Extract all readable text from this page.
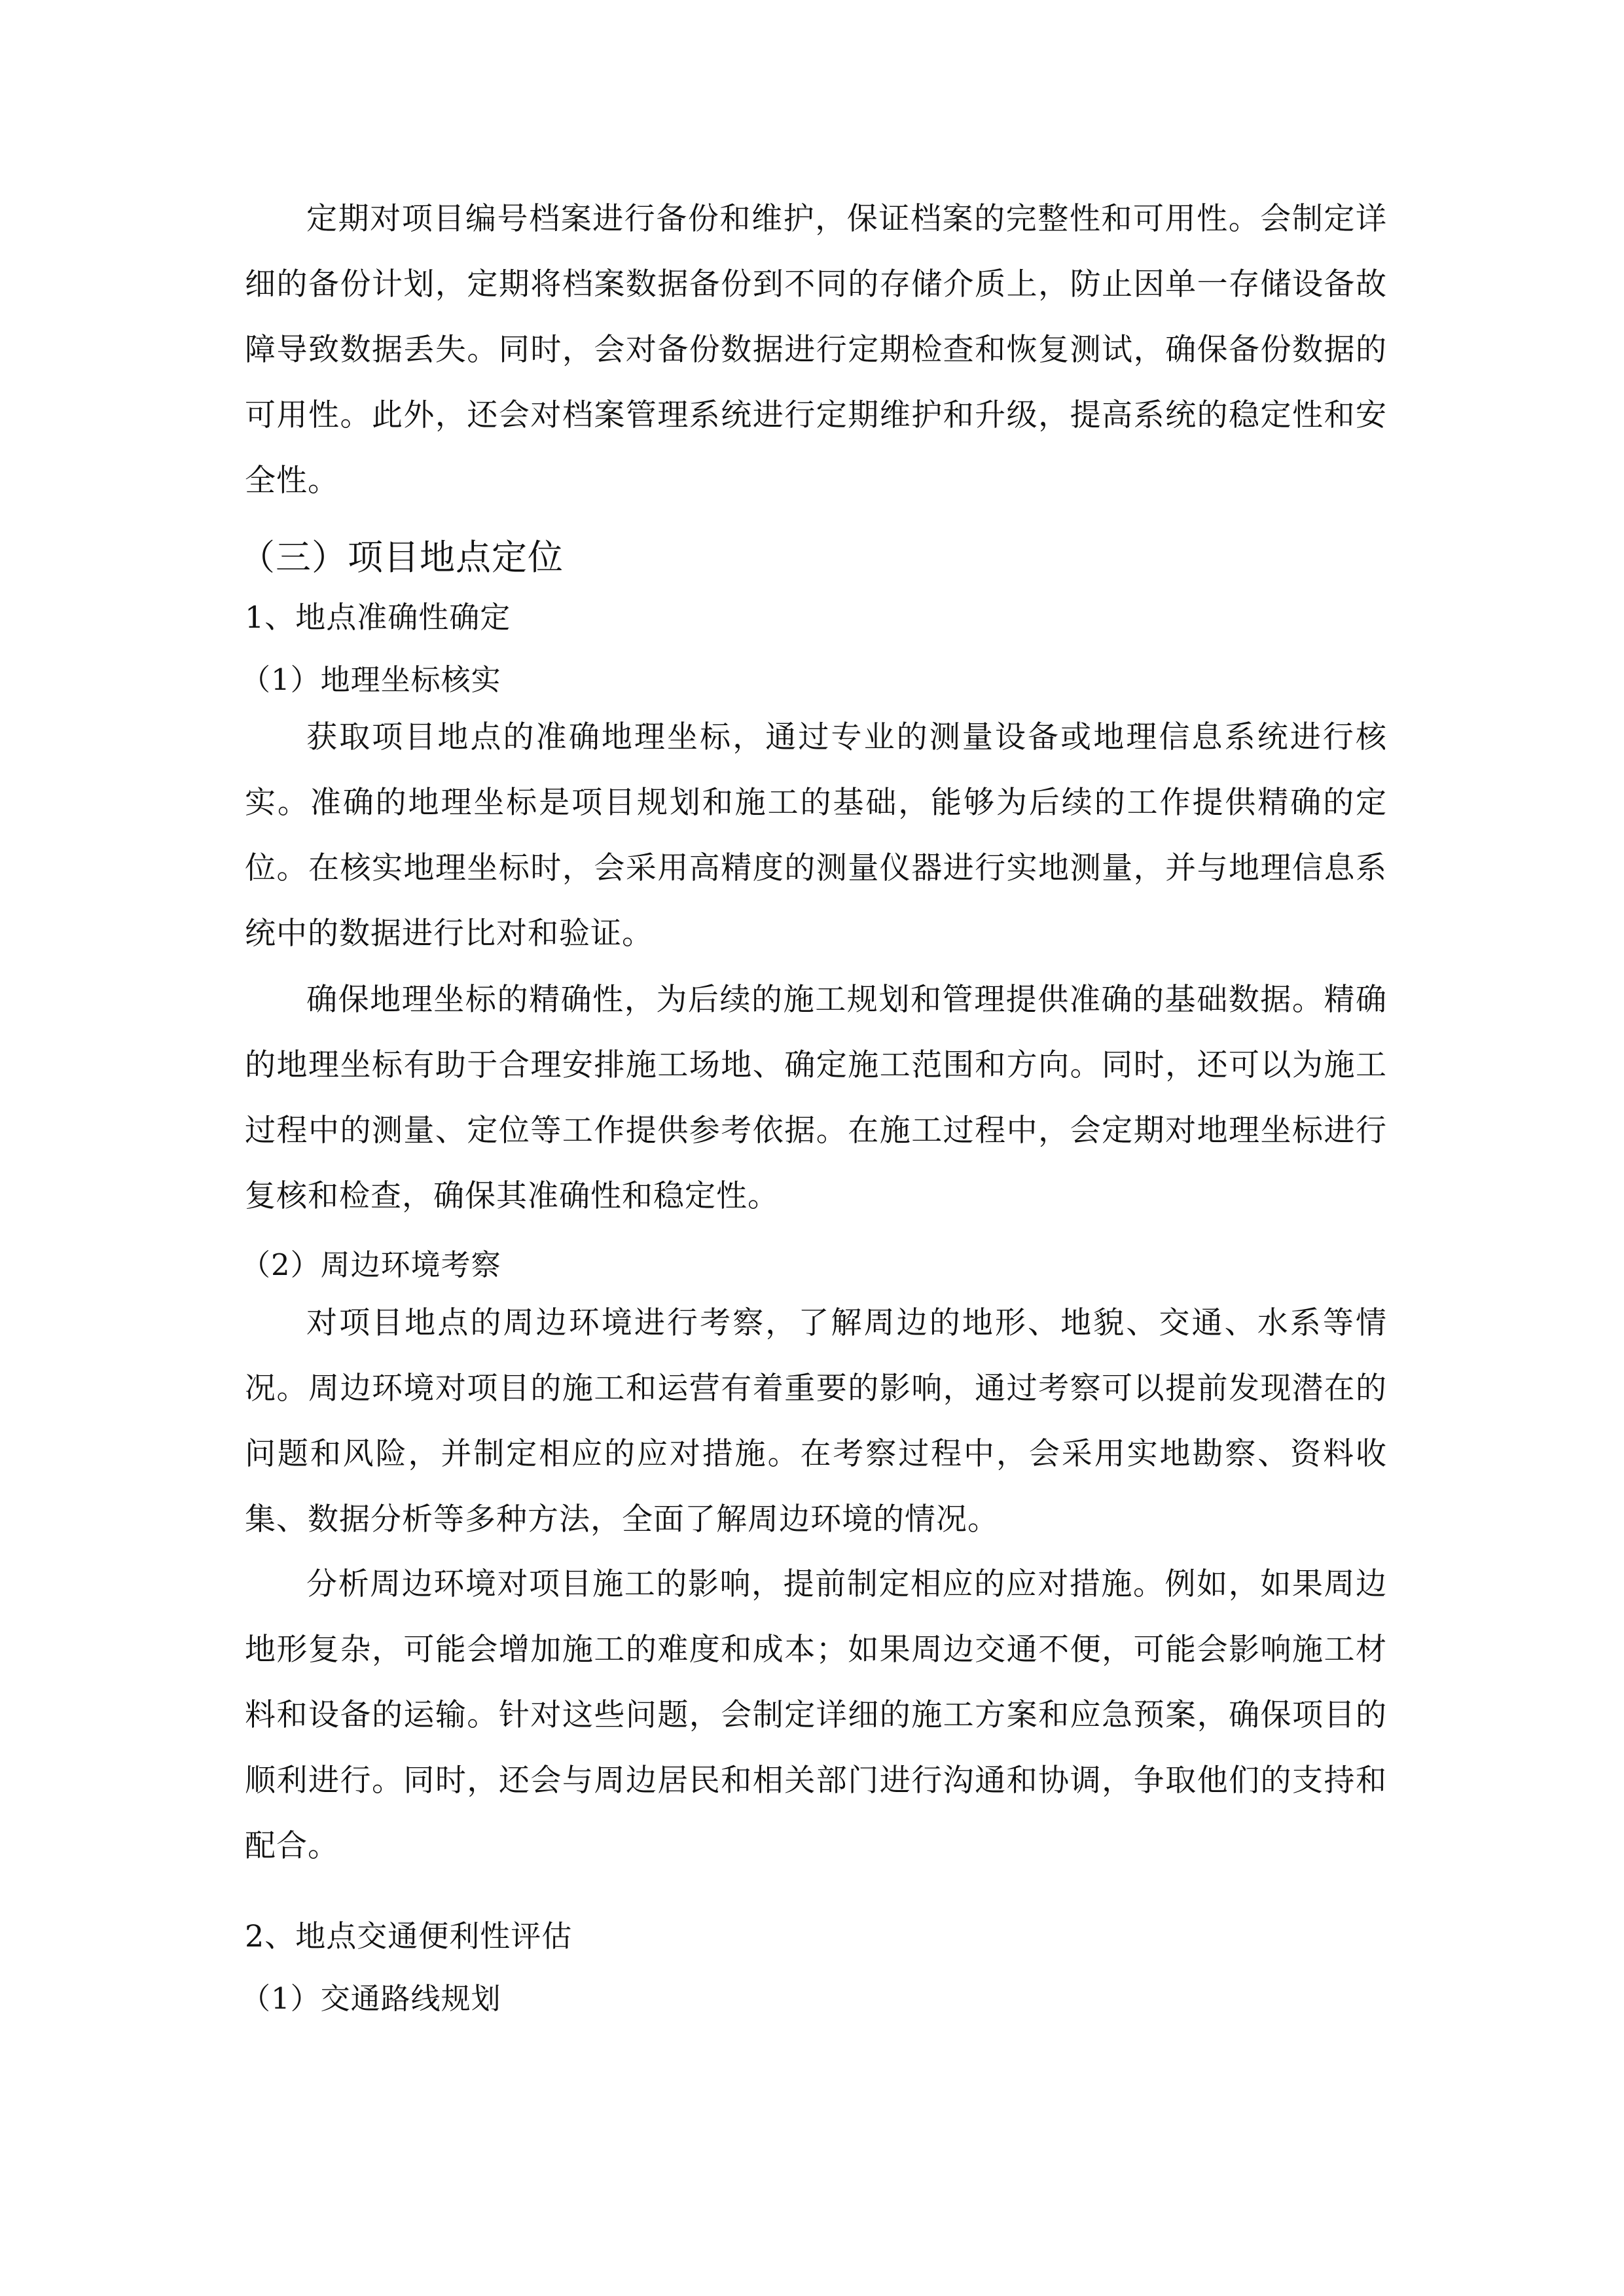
定期对项目编号档案进行备份和维护，保证档案的完整性和可用性。会制定详细的备份计划，定期将档案数据备份到不同的存储介质上，防止因单一存储设备故障导致数据丢失。同时，会对备份数据进行定期检查和恢复测试，确保备份数据的可用性。此外，还会对档案管理系统进行定期维护和升级，提高系统的稳定性和安全性。

（三）项目地点定位
1、地点准确性确定
（1）地理坐标核实

获取项目地点的准确地理坐标，通过专业的测量设备或地理信息系统进行核实。准确的地理坐标是项目规划和施工的基础，能够为后续的工作提供精确的定位。在核实地理坐标时，会采用高精度的测量仪器进行实地测量，并与地理信息系统中的数据进行比对和验证。

确保地理坐标的精确性，为后续的施工规划和管理提供准确的基础数据。精确的地理坐标有助于合理安排施工场地、确定施工范围和方向。同时，还可以为施工过程中的测量、定位等工作提供参考依据。在施工过程中，会定期对地理坐标进行复核和检查，确保其准确性和稳定性。

（2）周边环境考察

对项目地点的周边环境进行考察，了解周边的地形、地貌、交通、水系等情况。周边环境对项目的施工和运营有着重要的影响，通过考察可以提前发现潜在的问题和风险，并制定相应的应对措施。在考察过程中，会采用实地勘察、资料收集、数据分析等多种方法，全面了解周边环境的情况。

分析周边环境对项目施工的影响，提前制定相应的应对措施。例如，如果周边地形复杂，可能会增加施工的难度和成本；如果周边交通不便，可能会影响施工材料和设备的运输。针对这些问题，会制定详细的施工方案和应急预案，确保项目的顺利进行。同时，还会与周边居民和相关部门进行沟通和协调，争取他们的支持和配合。

2、地点交通便利性评估
（1）交通路线规划
